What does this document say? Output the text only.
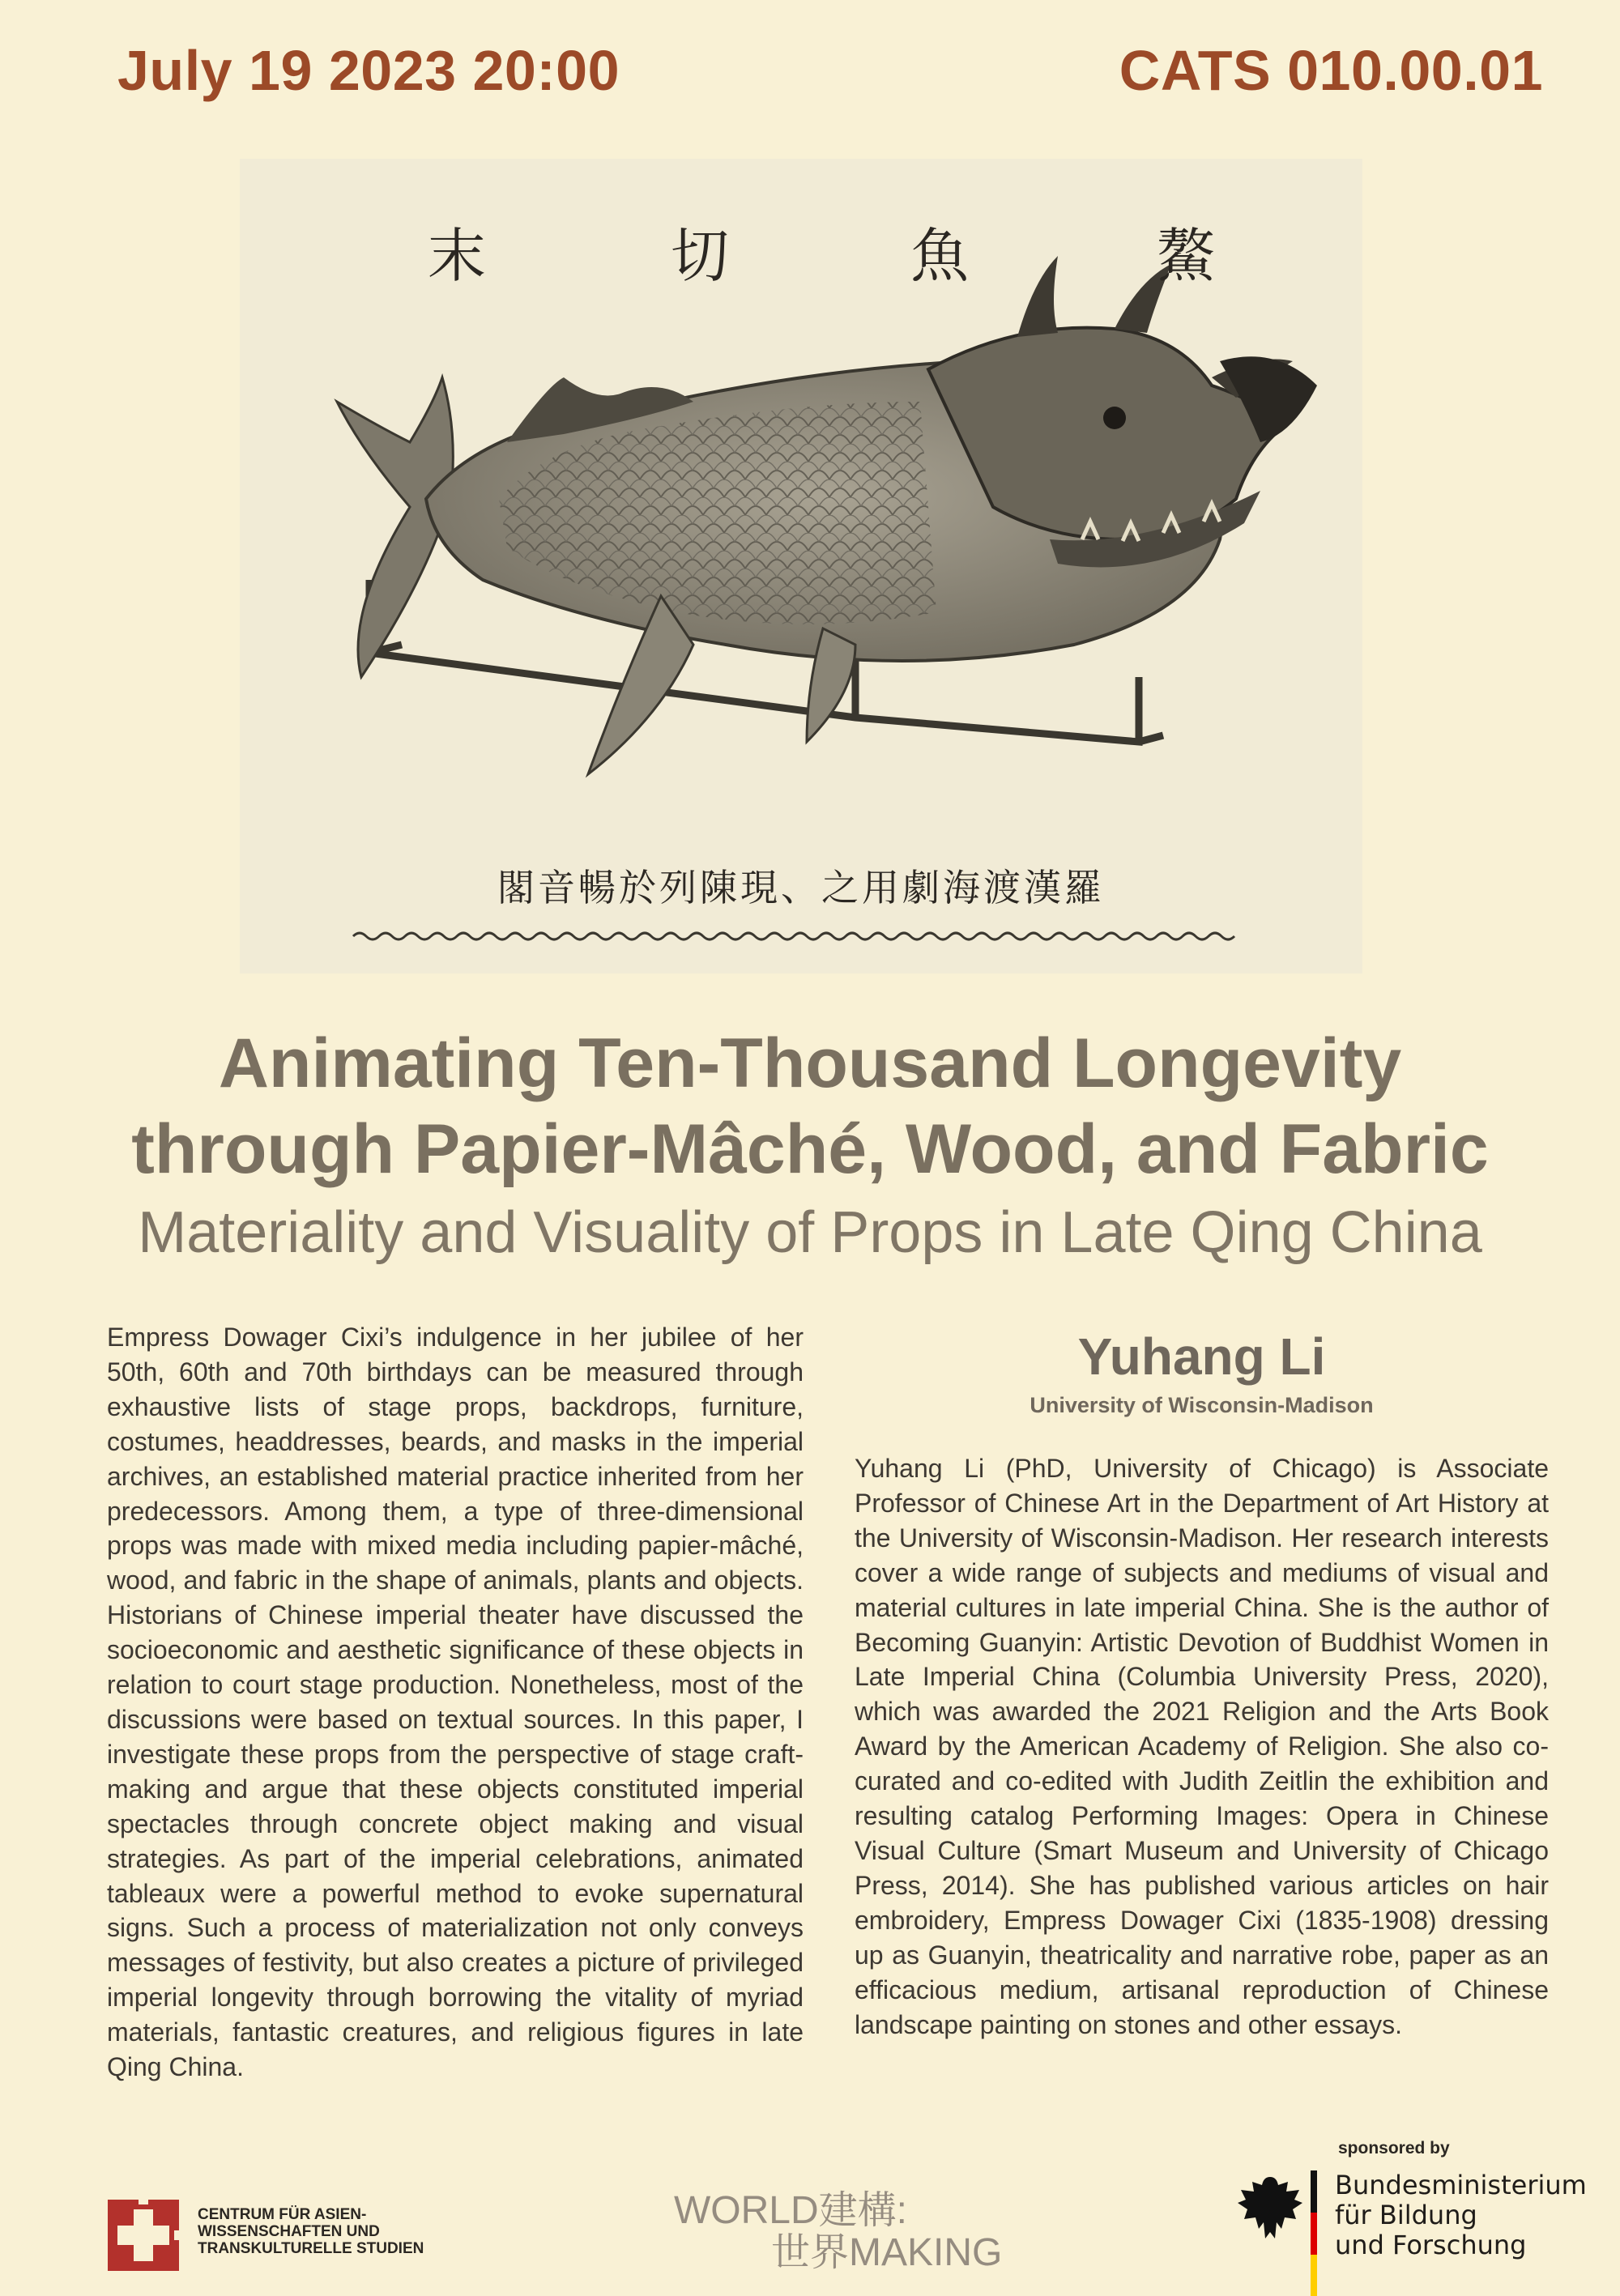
July 19 2023 20:00	CATS 010.00.01
末	切	魚	鰲
閣音暢於列陳現、之用劇海渡漢羅
Animating Ten-Thousand Longevity
through Papier-Mâché, Wood, and Fabric
Materiality and Visuality of Props in Late Qing China
Empress Dowager Cixi’s indulgence in her jubilee of her 50th, 60th and 70th birthdays can be measured through exhaustive lists of stage props, backdrops, furniture, costumes, headdresses, beards, and masks in the imperial archives, an established material practice inherited from her predecessors. Among them, a type of three-dimensional props was made with mixed media including papier-mâché, wood, and fabric in the shape of animals, plants and objects. Historians of Chinese imperial theater have discussed the socioeconomic and aesthetic significance of these objects in relation to court stage production. Nonetheless, most of the discussions were based on textual sources. In this paper, I investigate these props from the perspective of stage craft-making and argue that these objects constituted imperial spectacles through concrete object making and visual strategies. As part of the imperial celebrations, animated tableaux were a powerful method to evoke supernatural signs. Such a process of materialization not only conveys messages of festivity, but also creates a picture of privileged imperial longevity through borrowing the vitality of myriad materials, fantastic creatures, and religious figures in late Qing China.
Yuhang Li
University of Wisconsin-Madison
Yuhang Li (PhD, University of Chicago) is Associate Professor of Chinese Art in the Department of Art History at the University of Wisconsin-Madison. Her research interests cover a wide range of subjects and mediums of visual and material cultures in late imperial China. She is the author of Becoming Guanyin: Artistic Devotion of Buddhist Women in Late Imperial China (Columbia University Press, 2020), which was awarded the 2021 Religion and the Arts Book Award by the American Academy of Religion. She also co-curated and co-edited with Judith Zeitlin the exhibition and resulting catalog Performing Images: Opera in Chinese Visual Culture (Smart Museum and University of Chicago Press, 2014). She has published various articles on hair embroidery, Empress Dowager Cixi (1835-1908) dressing up as Guanyin, theatricality and narrative robe, paper as an efficacious medium, artisanal reproduction of Chinese landscape painting on stones and other essays.
CENTRUM FÜR ASIEN-
WISSENSCHAFTEN UND
TRANSKULTURELLE STUDIEN
WORLD建構:
世界MAKING
sponsored by
Bundesministerium
für Bildung
und Forschung
